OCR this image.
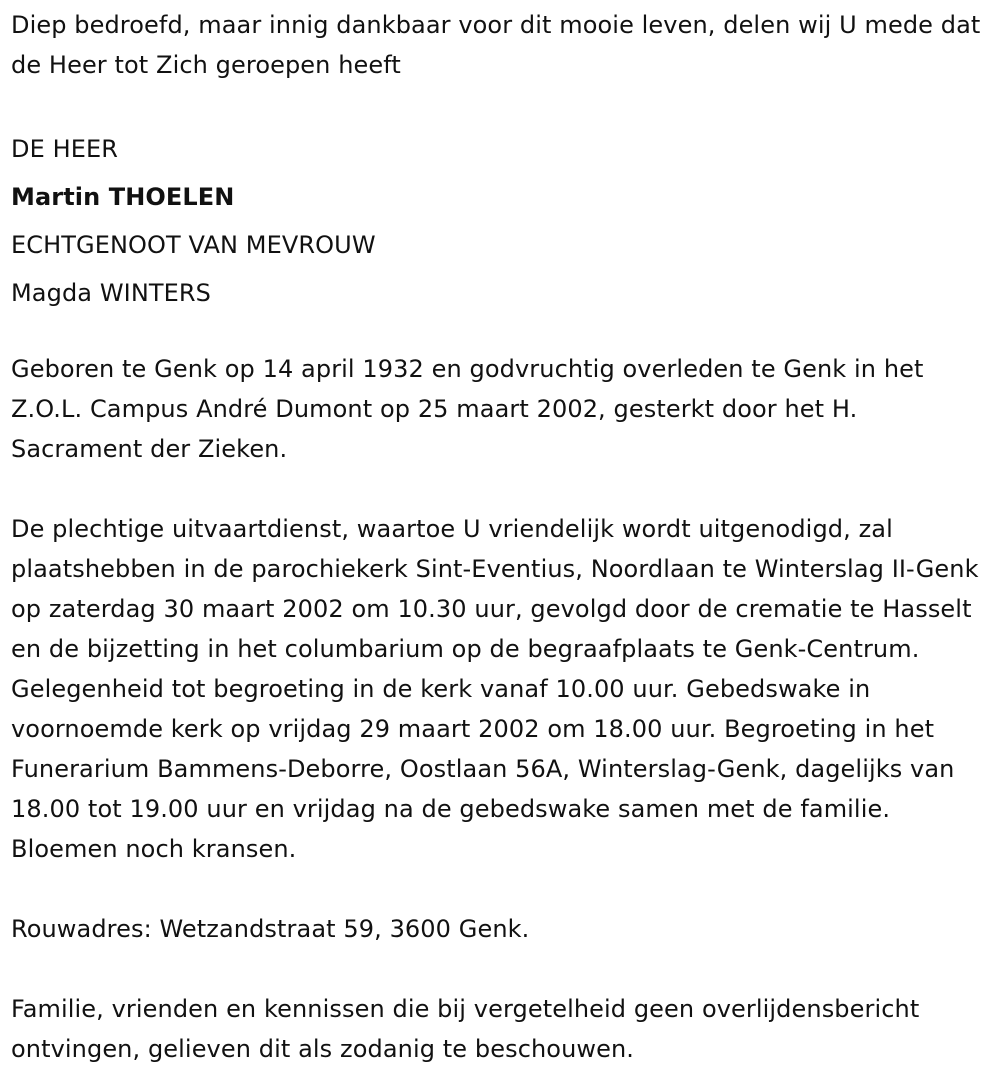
Diep bedroefd, maar innig dankbaar voor dit mooie leven, delen wij U mede dat de Heer tot Zich geroepen heeft

DE HEER

Martin THOELEN

ECHTGENOOT VAN MEVROUW

Magda WINTERS

Geboren te Genk op 14 april 1932 en godvruchtig overleden te Genk in het Z.O.L. Campus André Dumont op 25 maart 2002, gesterkt door het H. Sacrament der Zieken.

De plechtige uitvaartdienst, waartoe U vriendelijk wordt uitgenodigd, zal plaatshebben in de parochiekerk Sint-Eventius, Noordlaan te Winterslag II-Genk op zaterdag 30 maart 2002 om 10.30 uur, gevolgd door de crematie te Hasselt en de bijzetting in het columbarium op de begraafplaats te Genk-Centrum. Gelegenheid tot begroeting in de kerk vanaf 10.00 uur. Gebedswake in voornoemde kerk op vrijdag 29 maart 2002 om 18.00 uur. Begroeting in het Funerarium Bammens-Deborre, Oostlaan 56A, Winterslag-Genk, dagelijks van 18.00 tot 19.00 uur en vrijdag na de gebedswake samen met de familie. Bloemen noch kransen.

Rouwadres: Wetzandstraat 59, 3600 Genk.

Familie, vrienden en kennissen die bij vergetelheid geen overlijdensbericht ontvingen, gelieven dit als zodanig te beschouwen.
